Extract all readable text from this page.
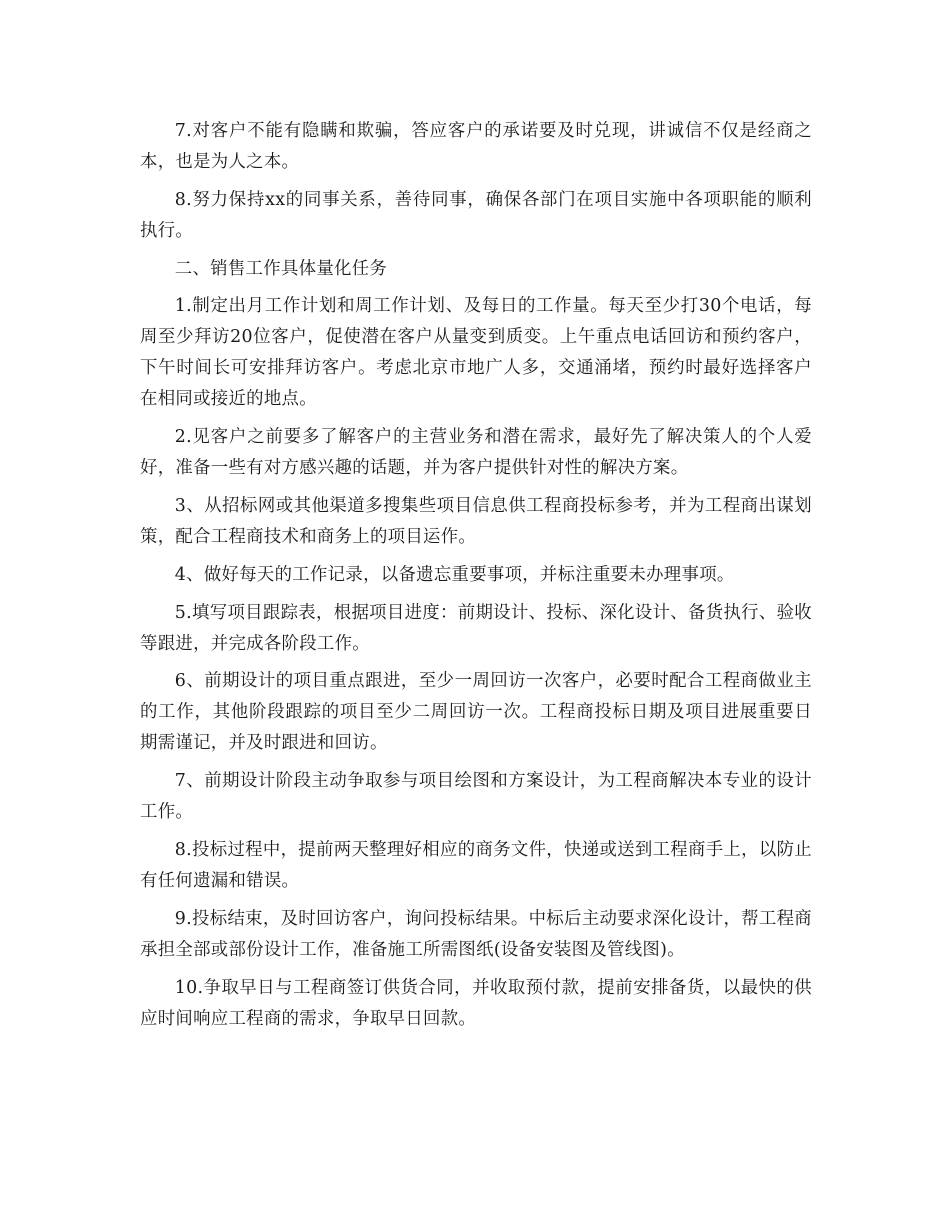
7.对客户不能有隐瞒和欺骗，答应客户的承诺要及时兑现，讲诚信不仅是经商之本，也是为人之本。

8.努力保持xx的同事关系，善待同事，确保各部门在项目实施中各项职能的顺利执行。

二、销售工作具体量化任务

1.制定出月工作计划和周工作计划、及每日的工作量。每天至少打30个电话，每周至少拜访20位客户，促使潜在客户从量变到质变。上午重点电话回访和预约客户，下午时间长可安排拜访客户。考虑北京市地广人多，交通涌堵，预约时最好选择客户在相同或接近的地点。

2.见客户之前要多了解客户的主营业务和潜在需求，最好先了解决策人的个人爱好，准备一些有对方感兴趣的话题，并为客户提供针对性的解决方案。

3、从招标网或其他渠道多搜集些项目信息供工程商投标参考，并为工程商出谋划策，配合工程商技术和商务上的项目运作。

4、做好每天的工作记录，以备遗忘重要事项，并标注重要未办理事项。

5.填写项目跟踪表，根据项目进度：前期设计、投标、深化设计、备货执行、验收等跟进，并完成各阶段工作。

6、前期设计的项目重点跟进，至少一周回访一次客户，必要时配合工程商做业主的工作，其他阶段跟踪的项目至少二周回访一次。工程商投标日期及项目进展重要日期需谨记，并及时跟进和回访。

7、前期设计阶段主动争取参与项目绘图和方案设计，为工程商解决本专业的设计工作。

8.投标过程中，提前两天整理好相应的商务文件，快递或送到工程商手上，以防止有任何遗漏和错误。

9.投标结束，及时回访客户，询问投标结果。中标后主动要求深化设计，帮工程商承担全部或部份设计工作，准备施工所需图纸(设备安装图及管线图)。

10.争取早日与工程商签订供货合同，并收取预付款，提前安排备货，以最快的供应时间响应工程商的需求，争取早日回款。
